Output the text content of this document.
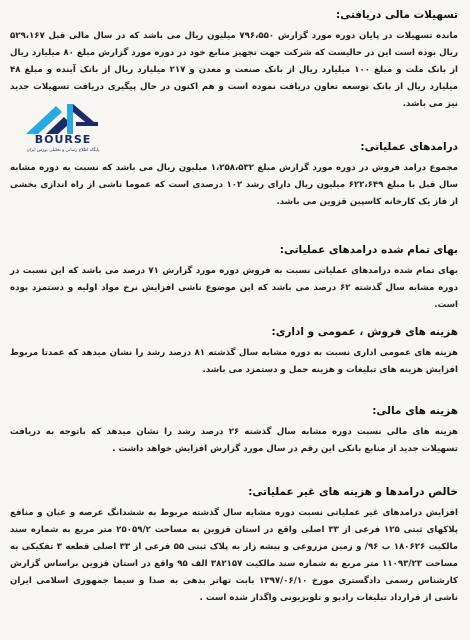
تسهیلات مالی دریافتی:

مانده تسهیلات در پایان دوره مورد گزارش ۷۹۶،۵۵۰ میلیون ریال می باشد که در سال مالی قبل ۵۲۹،۱۶۷ ریال بوده است این در حالیست که شرکت جهت تجهیز منابع خود در دوره مورد گزارش مبلغ ۸۰ میلیارد ریال از بانک ملت و مبلغ ۱۰۰ میلیارد ریال از بانک صنعت و معدن و ۲۱۷ میلیارد ریال از بانک آینده و مبلغ ۴۸ میلیارد ریال از بانک توسعه تعاون دریافت نموده است و هم اکنون در حال پیگیری دریافت تسهیلات جدید نیز می باشد.

درامدهای عملیاتی:

مجموع درامد فروش در دوره مورد گزارش مبلغ ۱،۲۵۸،۵۳۲ میلیون ریال می باشد که نسبت به دوره مشابه سال قبل با مبلغ ۶۲۲،۶۴۹ میلیون ریال دارای رشد ۱۰۲ درصدی است که عموما ناشی از راه اندازی بخشی از فاز یک کارخانه کاسپین قزوین می باشد.

بهای تمام شده درامدهای عملیاتی:

بهای تمام شده درامدهای عملیاتی نسبت به فروش دوره مورد گزارش ۷۱ درصد می باشد که این نسبت در دوره مشابه سال گذشته ۶۲ درصد می باشد که این موضوع ناشی افزایش نرخ مواد اولیه و دستمزد بوده است.

هزینه های فروش ، عمومی و اداری:

هزینه های عمومی اداری نسبت به دوره مشابه سال گذشته ۸۱ درصد رشد را نشان میدهد که عمدتا مربوط افزایش هزینه های تبلیغات و هزینه حمل و دستمزد می باشد.

هزینه های مالی:

هزینه های مالی نسبت دوره مشابه سال گذشته ۲۶ درصد رشد را نشان میدهد که باتوجه به دریافت تسهیلات جدید از منابع بانکی این رقم در سال مورد گزارش افزایش خواهد داشت .

خالص درامدها و هزینه های غیر عملیاتی:

افزایش درامدهای غیر عملیاتی نسبت دوره مشابه سال گذشته مربوط به ششدانگ عرصه و عیان و منافع پلاکهای ثبتی ۱۲۵ فرعی از ۳۳ اصلی واقع در استان قزوین به مساحت ۲۵۰۵۹/۲ متر مربع به شماره سند مالکیت ۱۸۰۶۲۶ ب ۹۶/ و زمین مزروعی و بیشه زار به پلاک ثبتی ۵۵ فرعی از ۳۳ اصلی قطعه ۳ تفکیکی به مساحت ۱۱۰۹۳/۲۳ متر مربع به شماره سند مالکیت ۳۸۲۱۵۷ الف ۹۵ واقع در استان قزوین براساس گزارش کارشناس رسمی دادگستری مورخ ۱۳۹۷/۰۶/۱۰ بابت تهاتر بدهی به صدا و سیما جمهوری اسلامی ایران ناشی از قرارداد تبلیغات رادیو و تلویزیونی واگذار شده است .

BOURSE
پایگاه اطلاع رسانی و تحلیلی بورس ایران
